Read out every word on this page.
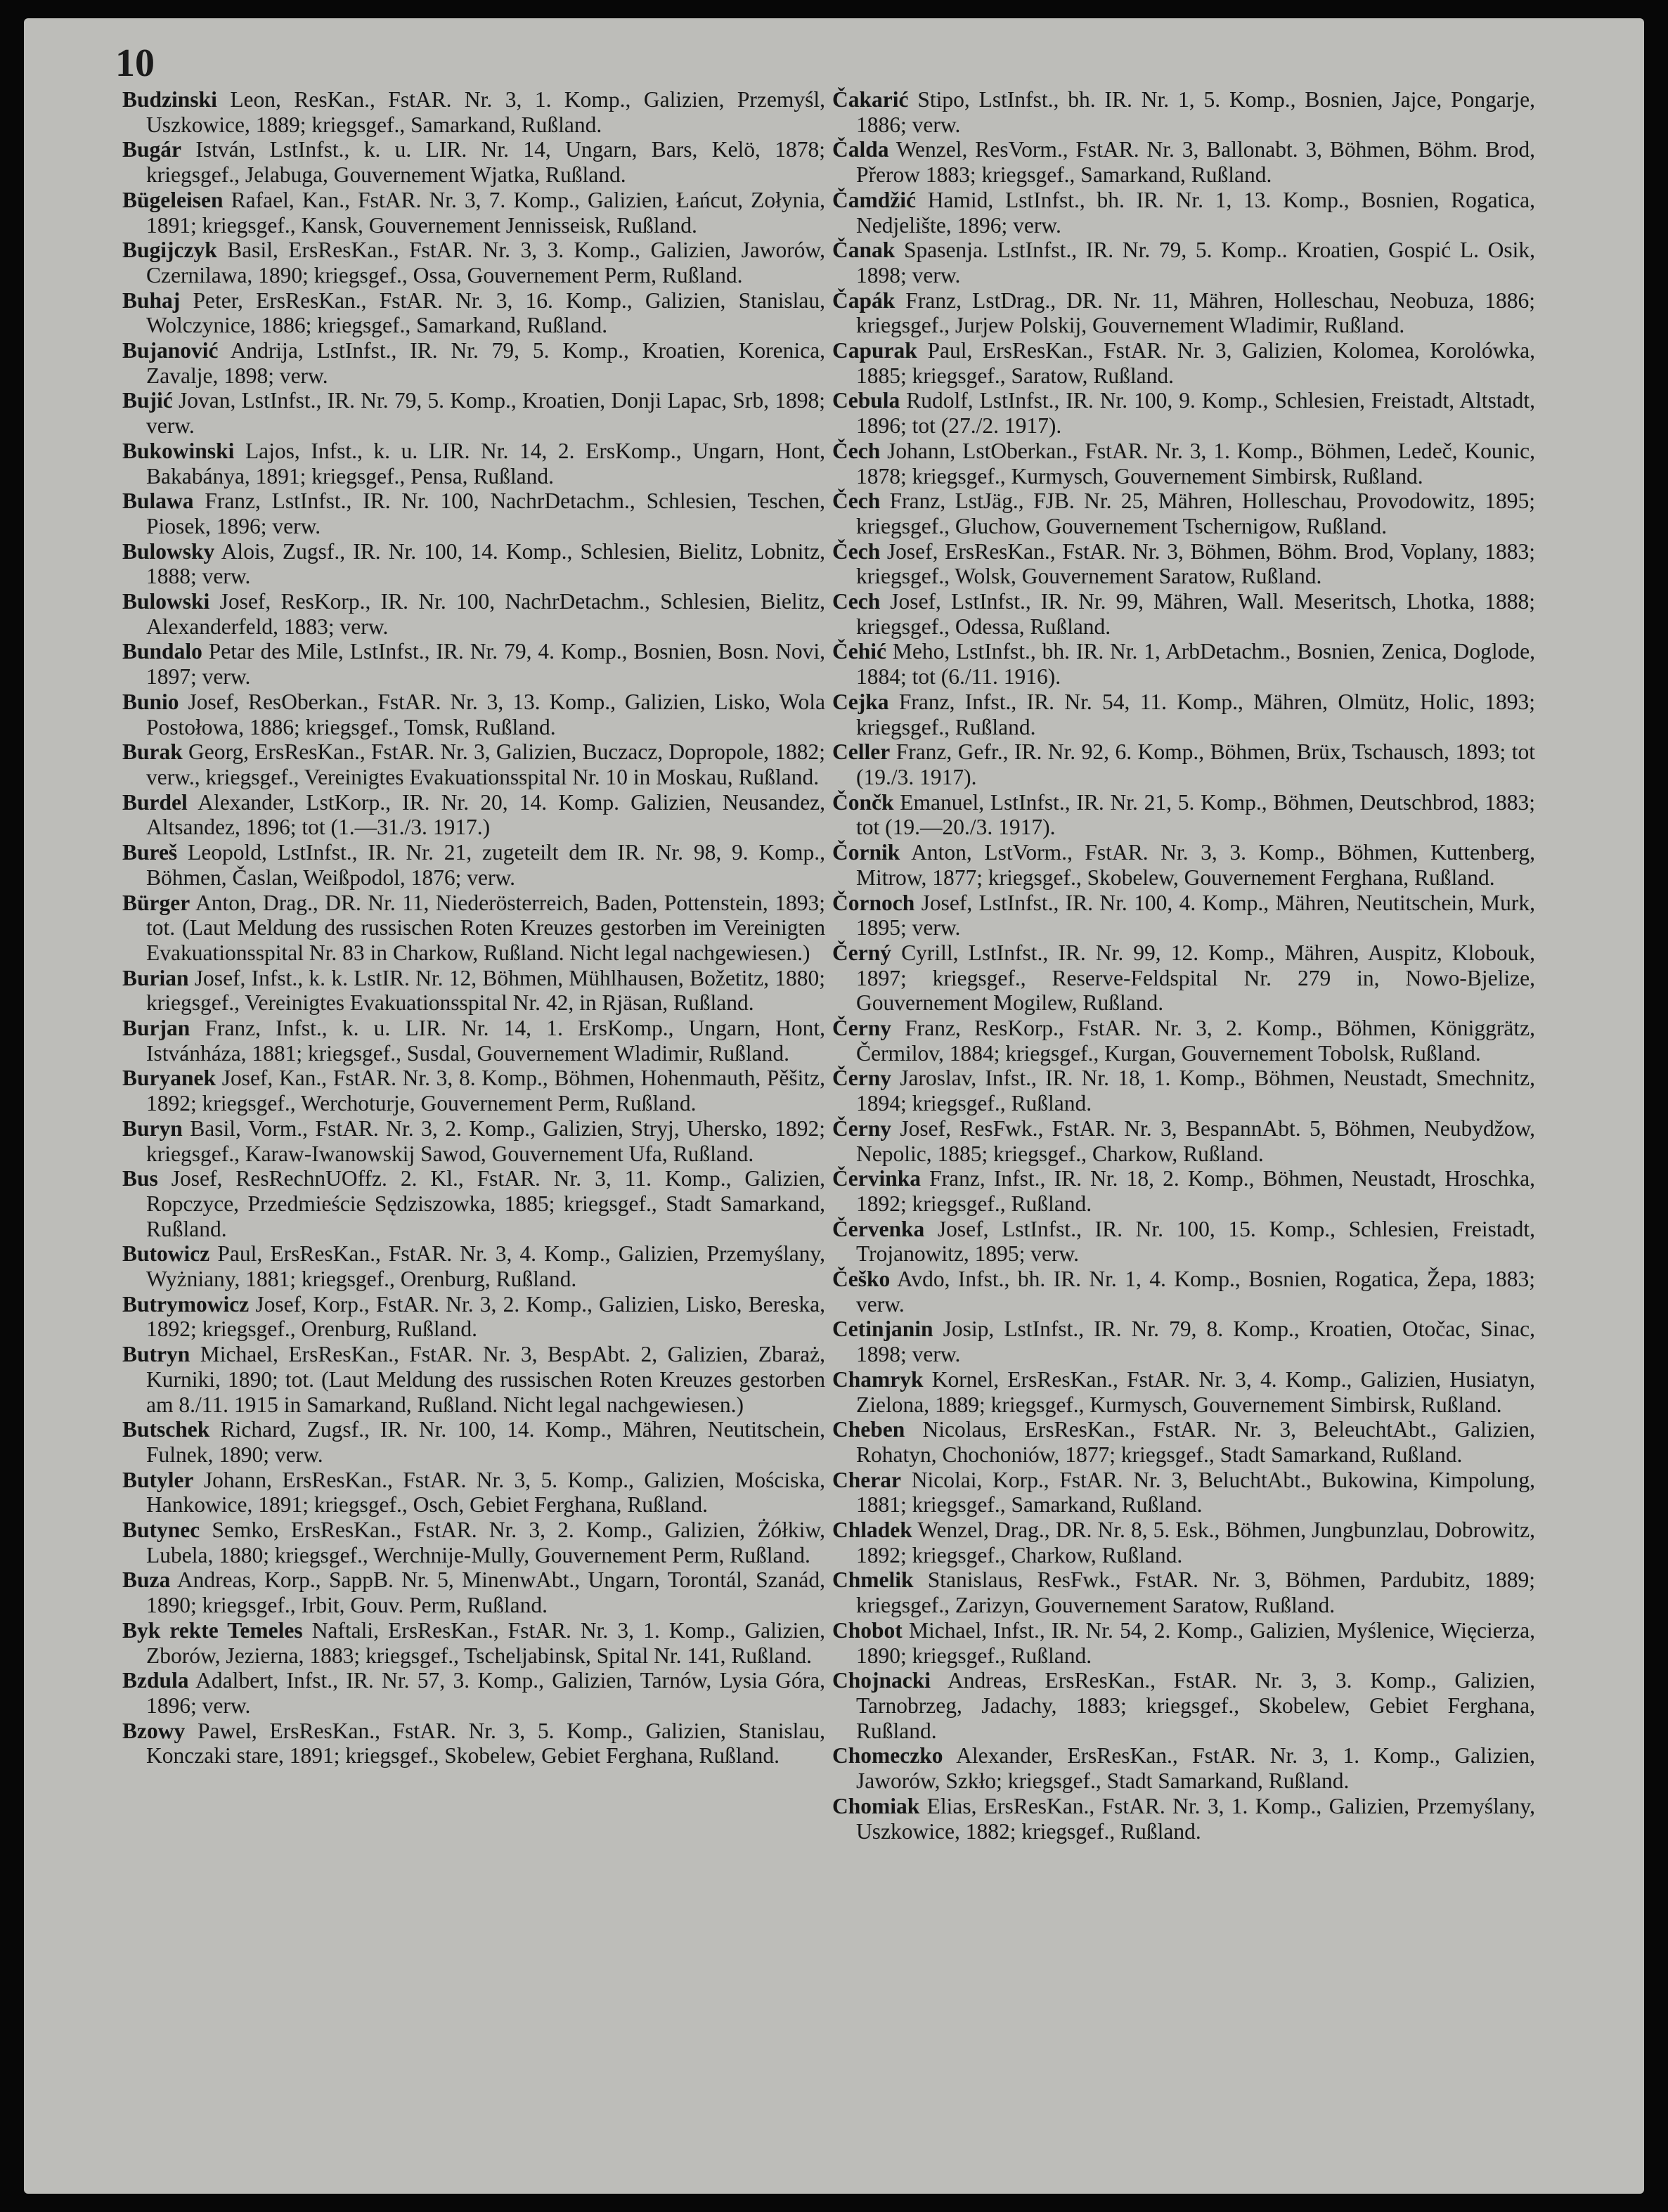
10

Budzinski Leon, ResKan., FstAR. Nr. 3, 1. Komp., Galizien, Przemyśl, Uszkowice, 1889; kriegsgef., Samarkand, Rußland.

Bugár István, LstInfst., k. u. LIR. Nr. 14, Ungarn, Bars, Kelö, 1878; kriegsgef., Jelabuga, Gouvernement Wjatka, Rußland.

Bügeleisen Rafael, Kan., FstAR. Nr. 3, 7. Komp., Galizien, Łańcut, Zołynia, 1891; kriegsgef., Kansk, Gouvernement Jennisseisk, Rußland.

Bugijczyk Basil, ErsResKan., FstAR. Nr. 3, 3. Komp., Galizien, Jaworów, Czernilawa, 1890; kriegsgef., Ossa, Gouvernement Perm, Rußland.

Buhaj Peter, ErsResKan., FstAR. Nr. 3, 16. Komp., Galizien, Stanislau, Wolczynice, 1886; kriegsgef., Samarkand, Rußland.

Bujanović Andrija, LstInfst., IR. Nr. 79, 5. Komp., Kroatien, Korenica, Zavalje, 1898; verw.

Bujić Jovan, LstInfst., IR. Nr. 79, 5. Komp., Kroatien, Donji Lapac, Srb, 1898; verw.

Bukowinski Lajos, Infst., k. u. LIR. Nr. 14, 2. ErsKomp., Ungarn, Hont, Bakabánya, 1891; kriegsgef., Pensa, Rußland.

Bulawa Franz, LstInfst., IR. Nr. 100, NachrDetachm., Schlesien, Teschen, Piosek, 1896; verw.

Bulowsky Alois, Zugsf., IR. Nr. 100, 14. Komp., Schlesien, Bielitz, Lobnitz, 1888; verw.

Bulowski Josef, ResKorp., IR. Nr. 100, NachrDetachm., Schlesien, Bielitz, Alexanderfeld, 1883; verw.

Bundalo Petar des Mile, LstInfst., IR. Nr. 79, 4. Komp., Bosnien, Bosn. Novi, 1897; verw.

Bunio Josef, ResOberkan., FstAR. Nr. 3, 13. Komp., Galizien, Lisko, Wola Postołowa, 1886; kriegsgef., Tomsk, Rußland.

Burak Georg, ErsResKan., FstAR. Nr. 3, Galizien, Buczacz, Dopropole, 1882; verw., kriegsgef., Vereinigtes Evakuationsspital Nr. 10 in Moskau, Rußland.

Burdel Alexander, LstKorp., IR. Nr. 20, 14. Komp. Galizien, Neusandez, Altsandez, 1896; tot (1.—31./3. 1917.)

Bureš Leopold, LstInfst., IR. Nr. 21, zugeteilt dem IR. Nr. 98, 9. Komp., Böhmen, Časlan, Weißpodol, 1876; verw.

Bürger Anton, Drag., DR. Nr. 11, Niederösterreich, Baden, Pottenstein, 1893; tot. (Laut Meldung des russischen Roten Kreuzes gestorben im Vereinigten Evakuationsspital Nr. 83 in Charkow, Rußland. Nicht legal nachgewiesen.)

Burian Josef, Infst., k. k. LstIR. Nr. 12, Böhmen, Mühlhausen, Božetitz, 1880; kriegsgef., Vereinigtes Evakuationsspital Nr. 42, in Rjäsan, Rußland.

Burjan Franz, Infst., k. u. LIR. Nr. 14, 1. ErsKomp., Ungarn, Hont, Istvánháza, 1881; kriegsgef., Susdal, Gouvernement Wladimir, Rußland.

Buryanek Josef, Kan., FstAR. Nr. 3, 8. Komp., Böhmen, Hohenmauth, Pěšitz, 1892; kriegsgef., Werchoturje, Gouvernement Perm, Rußland.

Buryn Basil, Vorm., FstAR. Nr. 3, 2. Komp., Galizien, Stryj, Uhersko, 1892; kriegsgef., Karaw-Iwanowskij Sawod, Gouvernement Ufa, Rußland.

Bus Josef, ResRechnUOffz. 2. Kl., FstAR. Nr. 3, 11. Komp., Galizien, Ropczyce, Przedmieście Sędziszowka, 1885; kriegsgef., Stadt Samarkand, Rußland.

Butowicz Paul, ErsResKan., FstAR. Nr. 3, 4. Komp., Galizien, Przemyślany, Wyżniany, 1881; kriegsgef., Orenburg, Rußland.

Butrymowicz Josef, Korp., FstAR. Nr. 3, 2. Komp., Galizien, Lisko, Bereska, 1892; kriegsgef., Orenburg, Rußland.

Butryn Michael, ErsResKan., FstAR. Nr. 3, BespAbt. 2, Galizien, Zbaraż, Kurniki, 1890; tot. (Laut Meldung des russischen Roten Kreuzes gestorben am 8./11. 1915 in Samarkand, Rußland. Nicht legal nachgewiesen.)

Butschek Richard, Zugsf., IR. Nr. 100, 14. Komp., Mähren, Neutitschein, Fulnek, 1890; verw.

Butyler Johann, ErsResKan., FstAR. Nr. 3, 5. Komp., Galizien, Mościska, Hankowice, 1891; kriegsgef., Osch, Gebiet Ferghana, Rußland.

Butynec Semko, ErsResKan., FstAR. Nr. 3, 2. Komp., Galizien, Żółkiw, Lubela, 1880; kriegsgef., Werchnije-Mully, Gouvernement Perm, Rußland.

Buza Andreas, Korp., SappB. Nr. 5, MinenwAbt., Ungarn, Torontál, Szanád, 1890; kriegsgef., Irbit, Gouv. Perm, Rußland.

Byk rekte Temeles Naftali, ErsResKan., FstAR. Nr. 3, 1. Komp., Galizien, Zborów, Jezierna, 1883; kriegsgef., Tscheljabinsk, Spital Nr. 141, Rußland.

Bzdula Adalbert, Infst., IR. Nr. 57, 3. Komp., Galizien, Tarnów, Lysia Góra, 1896; verw.

Bzowy Pawel, ErsResKan., FstAR. Nr. 3, 5. Komp., Galizien, Stanislau, Konczaki stare, 1891; kriegsgef., Skobelew, Gebiet Ferghana, Rußland.

Čakarić Stipo, LstInfst., bh. IR. Nr. 1, 5. Komp., Bosnien, Jajce, Pongarje, 1886; verw.

Čalda Wenzel, ResVorm., FstAR. Nr. 3, Ballonabt. 3, Böhmen, Böhm. Brod, Přerow 1883; kriegsgef., Samarkand, Rußland.

Čamdžić Hamid, LstInfst., bh. IR. Nr. 1, 13. Komp., Bosnien, Rogatica, Nedjelište, 1896; verw.

Čanak Spasenja. LstInfst., IR. Nr. 79, 5. Komp.. Kroatien, Gospić L. Osik, 1898; verw.

Čapák Franz, LstDrag., DR. Nr. 11, Mähren, Holleschau, Neobuza, 1886; kriegsgef., Jurjew Polskij, Gouvernement Wladimir, Rußland.

Capurak Paul, ErsResKan., FstAR. Nr. 3, Galizien, Kolomea, Korolówka, 1885; kriegsgef., Saratow, Rußland.

Cebula Rudolf, LstInfst., IR. Nr. 100, 9. Komp., Schlesien, Freistadt, Altstadt, 1896; tot (27./2. 1917).

Čech Johann, LstOberkan., FstAR. Nr. 3, 1. Komp., Böhmen, Ledeč, Kounic, 1878; kriegsgef., Kurmysch, Gouvernement Simbirsk, Rußland.

Čech Franz, LstJäg., FJB. Nr. 25, Mähren, Holleschau, Provodowitz, 1895; kriegsgef., Gluchow, Gouvernement Tschernigow, Rußland.

Čech Josef, ErsResKan., FstAR. Nr. 3, Böhmen, Böhm. Brod, Voplany, 1883; kriegsgef., Wolsk, Gouvernement Saratow, Rußland.

Cech Josef, LstInfst., IR. Nr. 99, Mähren, Wall. Meseritsch, Lhotka, 1888; kriegsgef., Odessa, Rußland.

Čehić Meho, LstInfst., bh. IR. Nr. 1, ArbDetachm., Bosnien, Zenica, Doglode, 1884; tot (6./11. 1916).

Cejka Franz, Infst., IR. Nr. 54, 11. Komp., Mähren, Olmütz, Holic, 1893; kriegsgef., Rußland.

Celler Franz, Gefr., IR. Nr. 92, 6. Komp., Böhmen, Brüx, Tschausch, 1893; tot (19./3. 1917).

Čončk Emanuel, LstInfst., IR. Nr. 21, 5. Komp., Böhmen, Deutschbrod, 1883; tot (19.—20./3. 1917).

Čornik Anton, LstVorm., FstAR. Nr. 3, 3. Komp., Böhmen, Kuttenberg, Mitrow, 1877; kriegsgef., Skobelew, Gouvernement Ferghana, Rußland.

Čornoch Josef, LstInfst., IR. Nr. 100, 4. Komp., Mähren, Neutitschein, Murk, 1895; verw.

Černý Cyrill, LstInfst., IR. Nr. 99, 12. Komp., Mähren, Auspitz, Klobouk, 1897; kriegsgef., Reserve-Feldspital Nr. 279 in, Nowo-Bjelize, Gouvernement Mogilew, Rußland.

Černy Franz, ResKorp., FstAR. Nr. 3, 2. Komp., Böhmen, Königgrätz, Čermilov, 1884; kriegsgef., Kurgan, Gouvernement Tobolsk, Rußland.

Černy Jaroslav, Infst., IR. Nr. 18, 1. Komp., Böhmen, Neustadt, Smechnitz, 1894; kriegsgef., Rußland.

Černy Josef, ResFwk., FstAR. Nr. 3, BespannAbt. 5, Böhmen, Neubydžow, Nepolic, 1885; kriegsgef., Charkow, Rußland.

Červinka Franz, Infst., IR. Nr. 18, 2. Komp., Böhmen, Neustadt, Hroschka, 1892; kriegsgef., Rußland.

Červenka Josef, LstInfst., IR. Nr. 100, 15. Komp., Schlesien, Freistadt, Trojanowitz, 1895; verw.

Češko Avdo, Infst., bh. IR. Nr. 1, 4. Komp., Bosnien, Rogatica, Žepa, 1883; verw.

Cetinjanin Josip, LstInfst., IR. Nr. 79, 8. Komp., Kroatien, Otočac, Sinac, 1898; verw.

Chamryk Kornel, ErsResKan., FstAR. Nr. 3, 4. Komp., Galizien, Husiatyn, Zielona, 1889; kriegsgef., Kurmysch, Gouvernement Simbirsk, Rußland.

Cheben Nicolaus, ErsResKan., FstAR. Nr. 3, BeleuchtAbt., Galizien, Rohatyn, Chochoniów, 1877; kriegsgef., Stadt Samarkand, Rußland.

Cherar Nicolai, Korp., FstAR. Nr. 3, BeluchtAbt., Bukowina, Kimpolung, 1881; kriegsgef., Samarkand, Rußland.

Chladek Wenzel, Drag., DR. Nr. 8, 5. Esk., Böhmen, Jungbunzlau, Dobrowitz, 1892; kriegsgef., Charkow, Rußland.

Chmelik Stanislaus, ResFwk., FstAR. Nr. 3, Böhmen, Pardubitz, 1889; kriegsgef., Zarizyn, Gouvernement Saratow, Rußland.

Chobot Michael, Infst., IR. Nr. 54, 2. Komp., Galizien, Myślenice, Więcierza, 1890; kriegsgef., Rußland.

Chojnacki Andreas, ErsResKan., FstAR. Nr. 3, 3. Komp., Galizien, Tarnobrzeg, Jadachy, 1883; kriegsgef., Skobelew, Gebiet Ferghana, Rußland.

Chomeczko Alexander, ErsResKan., FstAR. Nr. 3, 1. Komp., Galizien, Jaworów, Szkło; kriegsgef., Stadt Samarkand, Rußland.

Chomiak Elias, ErsResKan., FstAR. Nr. 3, 1. Komp., Galizien, Przemyślany, Uszkowice, 1882; kriegsgef., Rußland.
